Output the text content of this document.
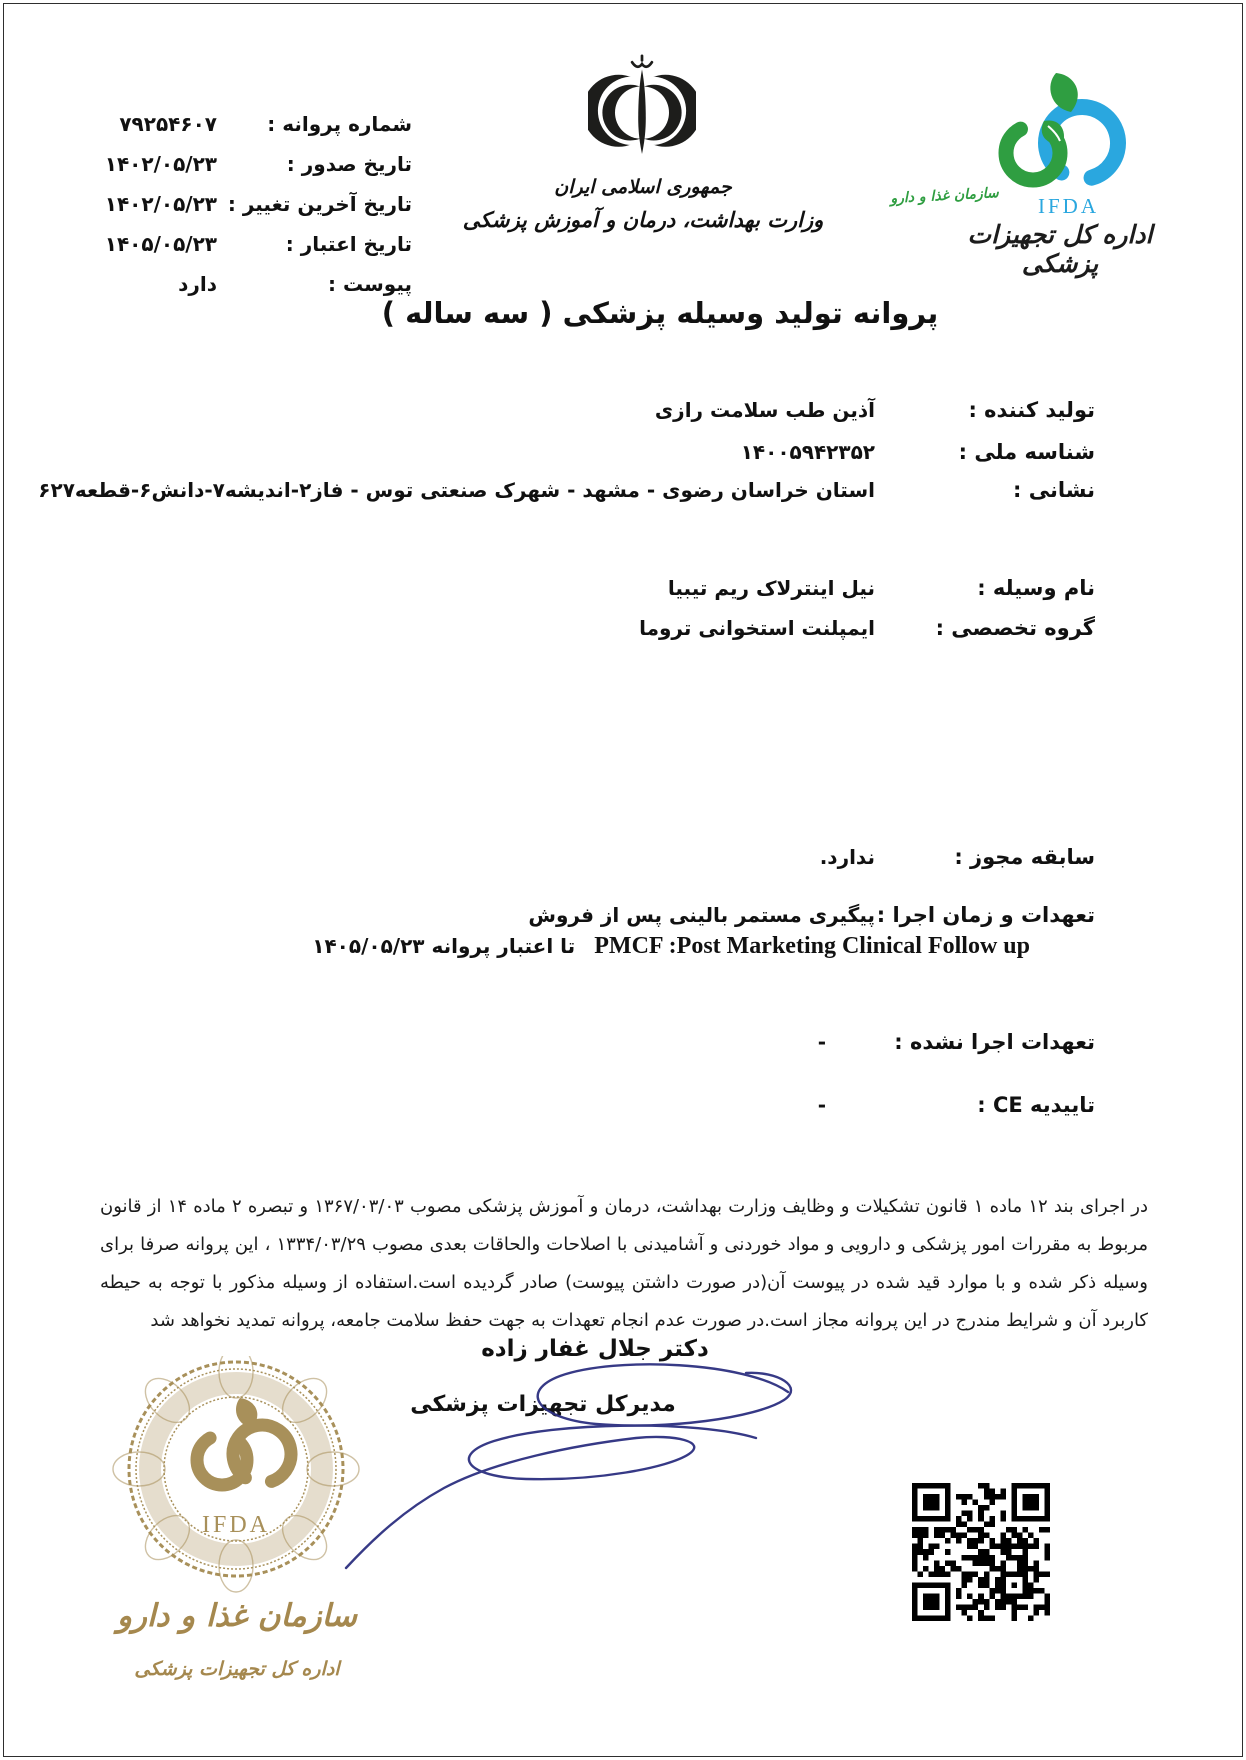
شماره پروانه :
۷۹۲۵۴۶۰۷
تاریخ صدور :
۱۴۰۲/۰۵/۲۳
تاریخ آخرین تغییر :
۱۴۰۲/۰۵/۲۳
تاریخ اعتبار :
۱۴۰۵/۰۵/۲۳
پیوست :
دارد
جمهوری اسلامی ایران
وزارت بهداشت، درمان و آموزش پزشکی
سازمان غذا و دارو	IFDA
اداره کل تجهیزات پزشکی
پروانه تولید وسیله پزشکی ( سه ساله )
تولید کننده :
آذین طب سلامت رازی
شناسه ملی :
۱۴۰۰۵۹۴۲۳۵۲
نشانی :
استان خراسان رضوی - مشهد - شهرک صنعتی توس - فاز۲-اندیشه۷-دانش۶-قطعه۶۲۷
نام وسیله :
نیل اینترلاک ریم تیبیا
گروه تخصصی :
ایمپلنت استخوانی تروما
سابقه مجوز :
ندارد.
تعهدات و زمان اجرا :
پیگیری مستمر بالینی پس از فروش
PMCF :Post Marketing Clinical Follow up تا اعتبار پروانه ۱۴۰۵/۰۵/۲۳
تعهدات اجرا نشده :
-
تاییدیه CE :
-
در اجرای بند ۱۲ ماده ۱ قانون تشکیلات و وظایف وزارت بهداشت، درمان و آموزش پزشکی مصوب ۱۳۶۷/۰۳/۰۳ و تبصره ۲ ماده ۱۴ از قانون مربوط به مقررات امور پزشکی و دارویی و مواد خوردنی و آشامیدنی با اصلاحات والحاقات بعدی مصوب ۱۳۳۴/۰۳/۲۹ ، این پروانه صرفا برای وسیله ذکر شده و با موارد قید شده در پیوست آن(در صورت داشتن پیوست) صادر گردیده است.استفاده از وسیله مذکور با توجه به حیطه کاربرد آن و شرایط مندرج در این پروانه مجاز است.در صورت عدم انجام تعهدات به جهت حفظ سلامت جامعه، پروانه تمدید نخواهد شد
دکتر جلال غفار زاده
مدیرکل تجهیزات پزشکی
IFDA
سازمان غذا و دارو
اداره کل تجهیزات پزشکی
